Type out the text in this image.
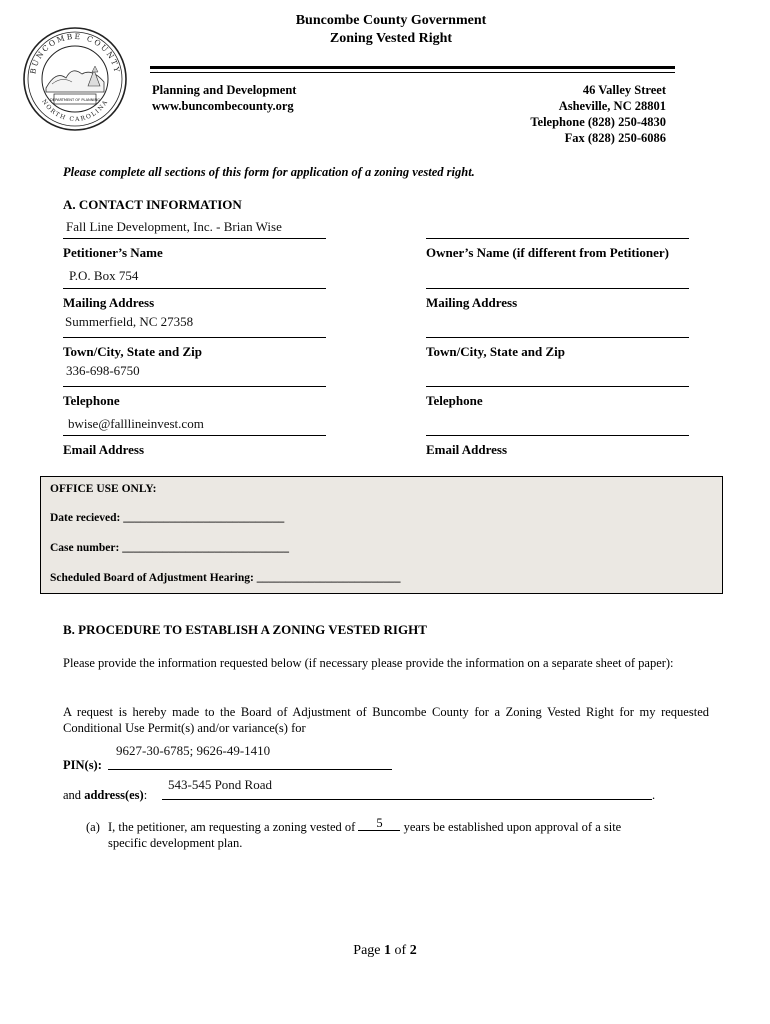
BUNCOMBE COUNTY
NORTH CAROLINA
DEPARTMENT OF PLANNING
Buncombe County Government
Zoning Vested Right
Planning and Development
www.buncombecounty.org
46 Valley Street
Asheville, NC 28801
Telephone (828) 250-4830
Fax (828) 250-6086
Please complete all sections of this form for application of a zoning vested right.
A. CONTACT INFORMATION
Fall Line Development, Inc. - Brian Wise
Petitioner’s Name
P.O. Box 754
Mailing Address
Summerfield, NC 27358
Town/City, State and Zip
336-698-6750
Telephone
bwise@falllineinvest.com
Email Address
Owner’s Name (if different from Petitioner)
Mailing Address
Town/City, State and Zip
Telephone
Email Address
OFFICE USE ONLY:
Date recieved: ____________________________
Case number: _____________________________
Scheduled Board of Adjustment Hearing: _________________________
B. PROCEDURE TO ESTABLISH A ZONING VESTED RIGHT
Please provide the information requested below (if necessary please provide the information on a separate sheet of paper):
A request is hereby made to the Board of Adjustment of Buncombe County for a Zoning Vested Right for my requested Conditional Use Permit(s) and/or variance(s) for
9627-30-6785; 9626-49-1410
PIN(s):
543-545 Pond Road
and address(es):	.
(a) I, the petitioner, am requesting a zoning vested of 5 years be established upon approval of a site
specific development plan.
Page 1 of 2
